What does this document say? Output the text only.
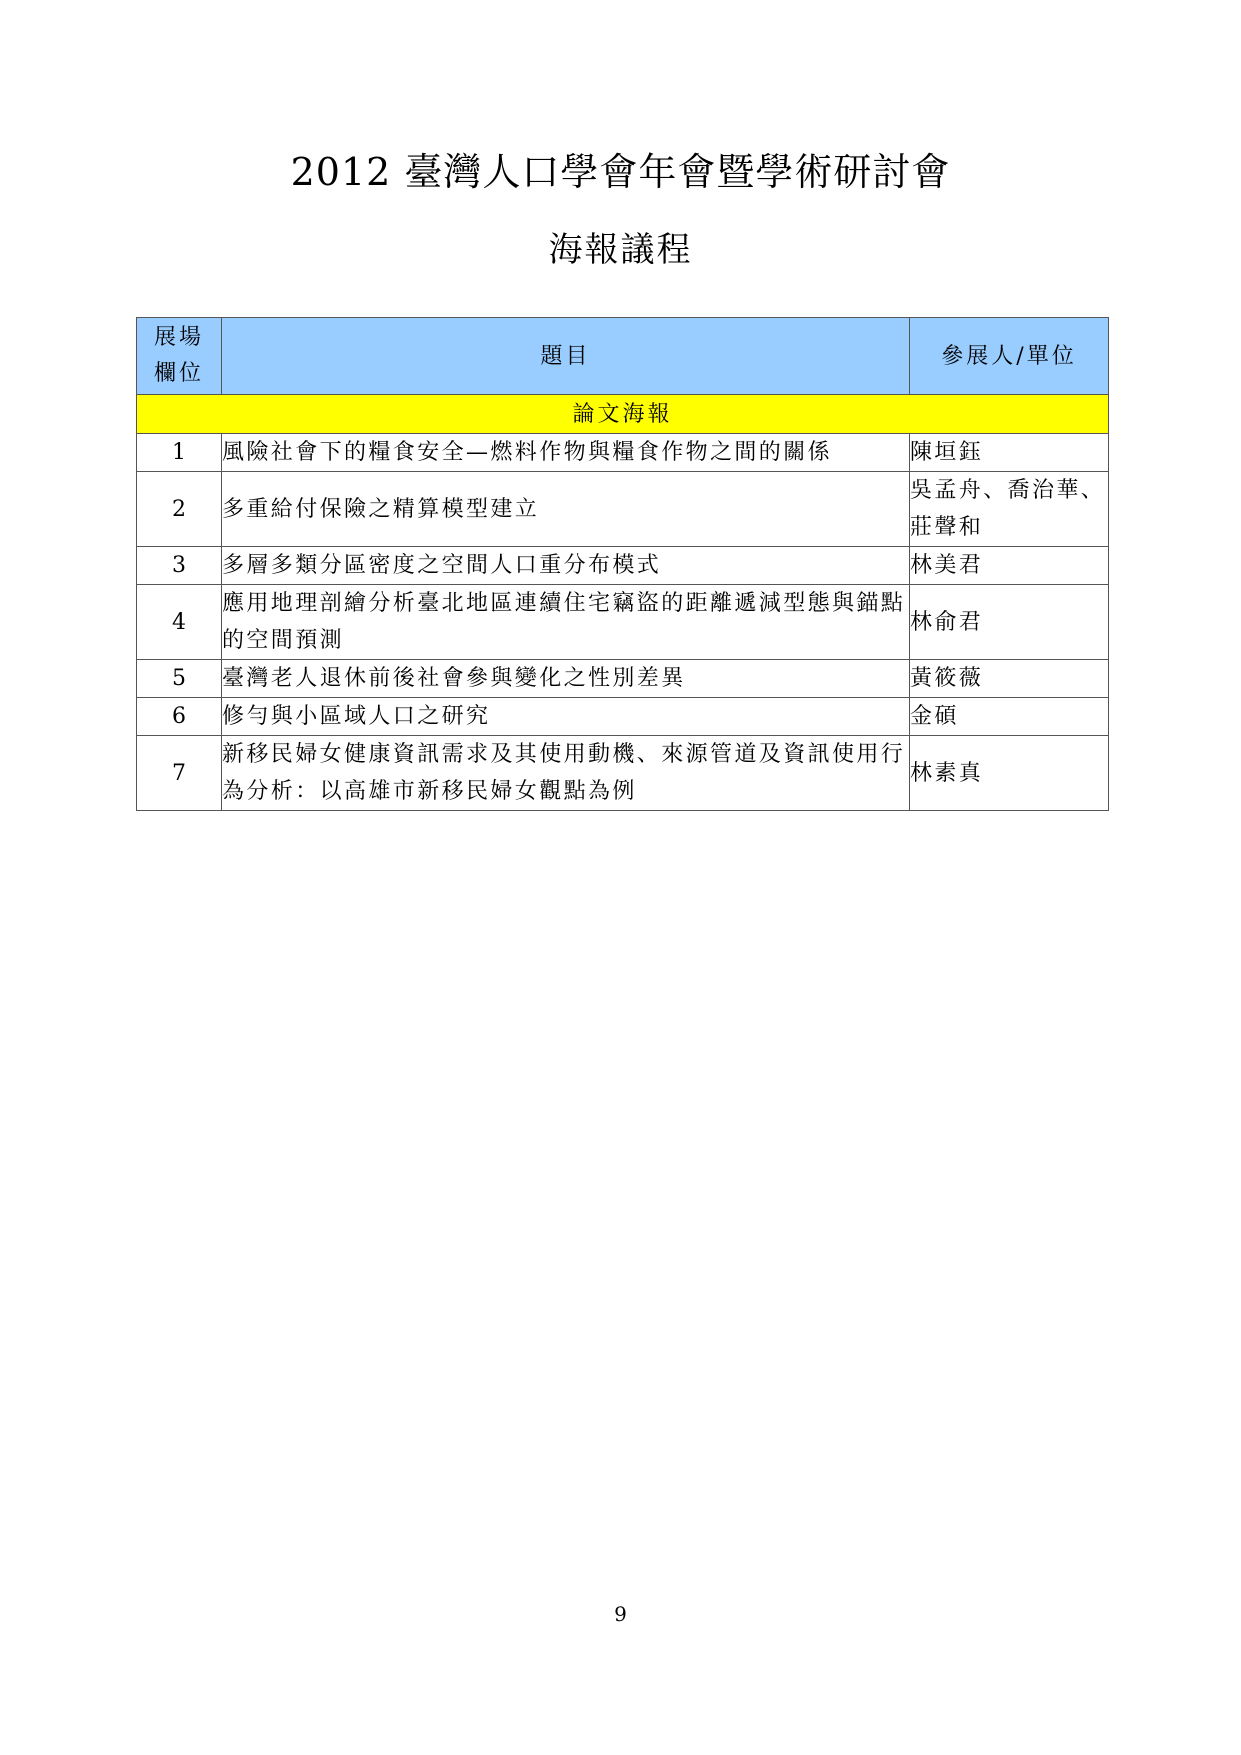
2012 臺灣人口學會年會暨學術研討會
海報議程
展場
欄位	題目	參展人/單位
論文海報		
1	風險社會下的糧食安全—燃料作物與糧食作物之間的關係	陳垣鈺
2	多重給付保險之精算模型建立	吳孟舟、喬治華、莊聲和
3	多層多類分區密度之空間人口重分布模式	林美君
4	應用地理剖繪分析臺北地區連續住宅竊盜的距離遞減型態與錨點的空間預測	林俞君
5	臺灣老人退休前後社會參與變化之性別差異	黃筱薇
6	修勻與小區域人口之研究	金碩
7	新移民婦女健康資訊需求及其使用動機、來源管道及資訊使用行為分析：以高雄市新移民婦女觀點為例	林素真
9
